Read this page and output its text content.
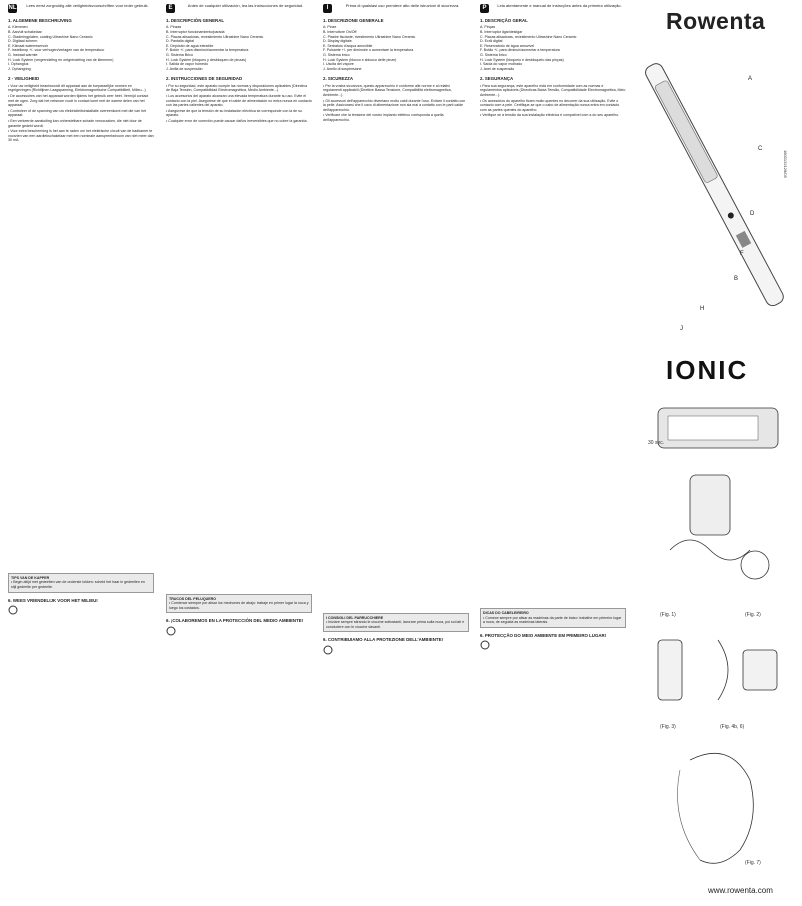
NL	Lees eerst zorgvuldig alle veiligheidsvoorschriften voor ieder gebruik.
1. ALGEMENE BESCHRIJVING
A. Klemmen
B. Aan/uit schakelaar
C. Gladeringplaten, coating Ultrashine Nano Ceramic
D. Digitaal scherm
E. Klimaat waterreservoir
F. Instelknop +/- voor verhogen/verlagen van de temperatuur
G. Instraat warmte
H. Lock System (vergrendeling en ontgrendeling van de klemmen)
I. Ophanglus
J. Ophangring
2 - VEILIGHEID

• Voor uw veiligheid beantwoordt dit apparaat aan de toepasselijke normen en regelgevingen (Richtlijnen Laagspanning, Elektromagnetische Compatibiliteit, Milieu...)

• De accessoires van het apparaat worden tijdens het gebruik zeer heet. Vermijd contact met de ogen. Zorg dat het netsnoer nooit in contact komt met de warme delen van het apparaat.

• Controleer of de spanning van uw elektriciteitsinstallatie overeenkomt met die van het apparaat.

• Een verkeerde aansluiting kan onherstelbare schade veroorzaken, die niet door de garantie gedekt wordt.

• Voor extra bescherming is het aan te raden om het elektrische circuit van de badkamer te voorzien van een aardlekschakelaar met een nominale aanspreekstroom van niet meer dan 30 mA.

TIPS VAN DE KAPPER
• Begin altijd met gedeelten van de onderste lokken: scheid het haar in gedeelten en stijl gedeelte per gedeelte.
6. WEES VRIENDELIJK VOOR HET MILIEU!
E	Antes de cualquier utilización, lea las instrucciones de seguridad.
1. DESCRIPCIÓN GENERAL
A. Pinzas
B. Interruptor funcionamiento/parada
C. Placas alisadoras, revestimiento Ultrashine Nano Ceramic
D. Pantalla digital
E. Depósito de agua extraíble
F. Botón +/- para disminuir/aumentar la temperatura
G. Sistema Brico
H. Lock System (bloqueo y desbloqueo de pinzas)
I. Salida de vapor húmedo
J. Anilla de suspensión
2. INSTRUCCIONES DE SEGURIDAD

• Por su seguridad, este aparato cumple las normas y disposiciones aplicables (Directiva de Baja Tensión, Compatibilidad Electromagnética, Medio Ambiente...).

• Los accesorios del aparato alcanzan una elevada temperatura durante su uso. Evite el contacto con la piel. Asegúrese de que el cable de alimentación no entra nunca en contacto con las partes calientes del aparato.

• Asegúrese de que la tensión de su instalación eléctrica se corresponde con la de su aparato.

• Cualquier error de conexión puede causar daños irreversibles que no cubre la garantía.

TRUCOS DEL PELUQUERO
• Comience siempre por alisar los mechones de abajo: trabaje en primer lugar la nuca y luego los costados.
6. ¡COLABOREMOS EN LA PROTECCIÓN DEL MEDIO AMBIENTE!
I	Prima di qualsiasi uso prendere atto delle istruzioni di sicurezza.
1. DESCRIZIONE GENERALE
A. Pinze
B. Interruttore On/Off
C. Piastre lisciante, rivestimento Ultrashine Nano Ceramic
D. Display digitale
E. Serbatoio d'acqua amovibile
F. Pulsante +/- per diminuire o aumentare la temperatura
G. Sistema brico
H. Lock System (blocco e sblocco delle pinze)
I. Uscita del vapore
J. Anello di sospensione
2. SICUREZZA

• Per la vostra sicurezza, questo apparecchio è conforme alle norme e ai relativi regolamenti applicabili (Direttive Bassa Tensione, Compatibilità elettromagnetica, Ambiente...).

• Gli accessori dell'apparecchio diventano molto caldi durante l'uso. Evitare il contatto con la pelle. Assicurarsi che il cavo di alimentazione non sia mai a contatto con le parti calde dell'apparecchio.

• Verificare che la tensione del vostro impianto elettrico corrisponda a quella dell'apparecchio.

I CONSIGLI DEL PARRUCCHIERE
• Iniziare sempre stirando le ciocche sottostanti, lavorare prima sulla nuca, poi sui lati e concludere con le ciocche davanti.
6. CONTRIBUIAMO ALLA PROTEZIONE DELL'AMBIENTE!
P	Leia atentamente e manual de instruções antes da primeira utilização.
1. DESCRIÇÃO GERAL
A. Pinças
B. Interruptor ligar/desligar
C. Placas alisadoras, revestimento Ultrashine Nano Ceramic
D. Ecrã digital
E. Reservatório de água amovível
F. Botão +/- para diminuir/aumentar a temperatura
G. Sistema brico
H. Lock System (bloqueio e desbloqueio das pinças)
I. Saída do vapor molhado
J. Anel de suspensão
2. SEGURANÇA

• Para sua segurança, este aparelho está em conformidade com as normas e regulamentos aplicáveis (Directivas Baixa Tensão, Compatibilidade Electromagnética, Meio Ambiente...).

• Os acessórios do aparelho ficam muito quentes no decorrer da sua utilização. Evite o contacto com a pele. Certifique-se que o cabo de alimentação nunca entra em contacto com as partes quentes do aparelho.

• Verifique se a tensão da sua instalação eléctrica é compatível com a do seu aparelho.

DICAS DO CABELEIREIRO
• Comece sempre por alisar as madeixas da parte de baixo: trabalhe em primeiro lugar a nuca, de seguida as madeixas laterais.
6. PROTECÇÃO DO MEIO AMBIENTE EM PRIMEIRO LUGAR!
Rowenta
1800132126/05
A
C
D
F
B
H
J
IONIC
30 sec.
(Fig. 1)	(Fig. 2)
(Fig. 3)	(Fig. 4b, 6)
(Fig. 7)
www.rowenta.com
